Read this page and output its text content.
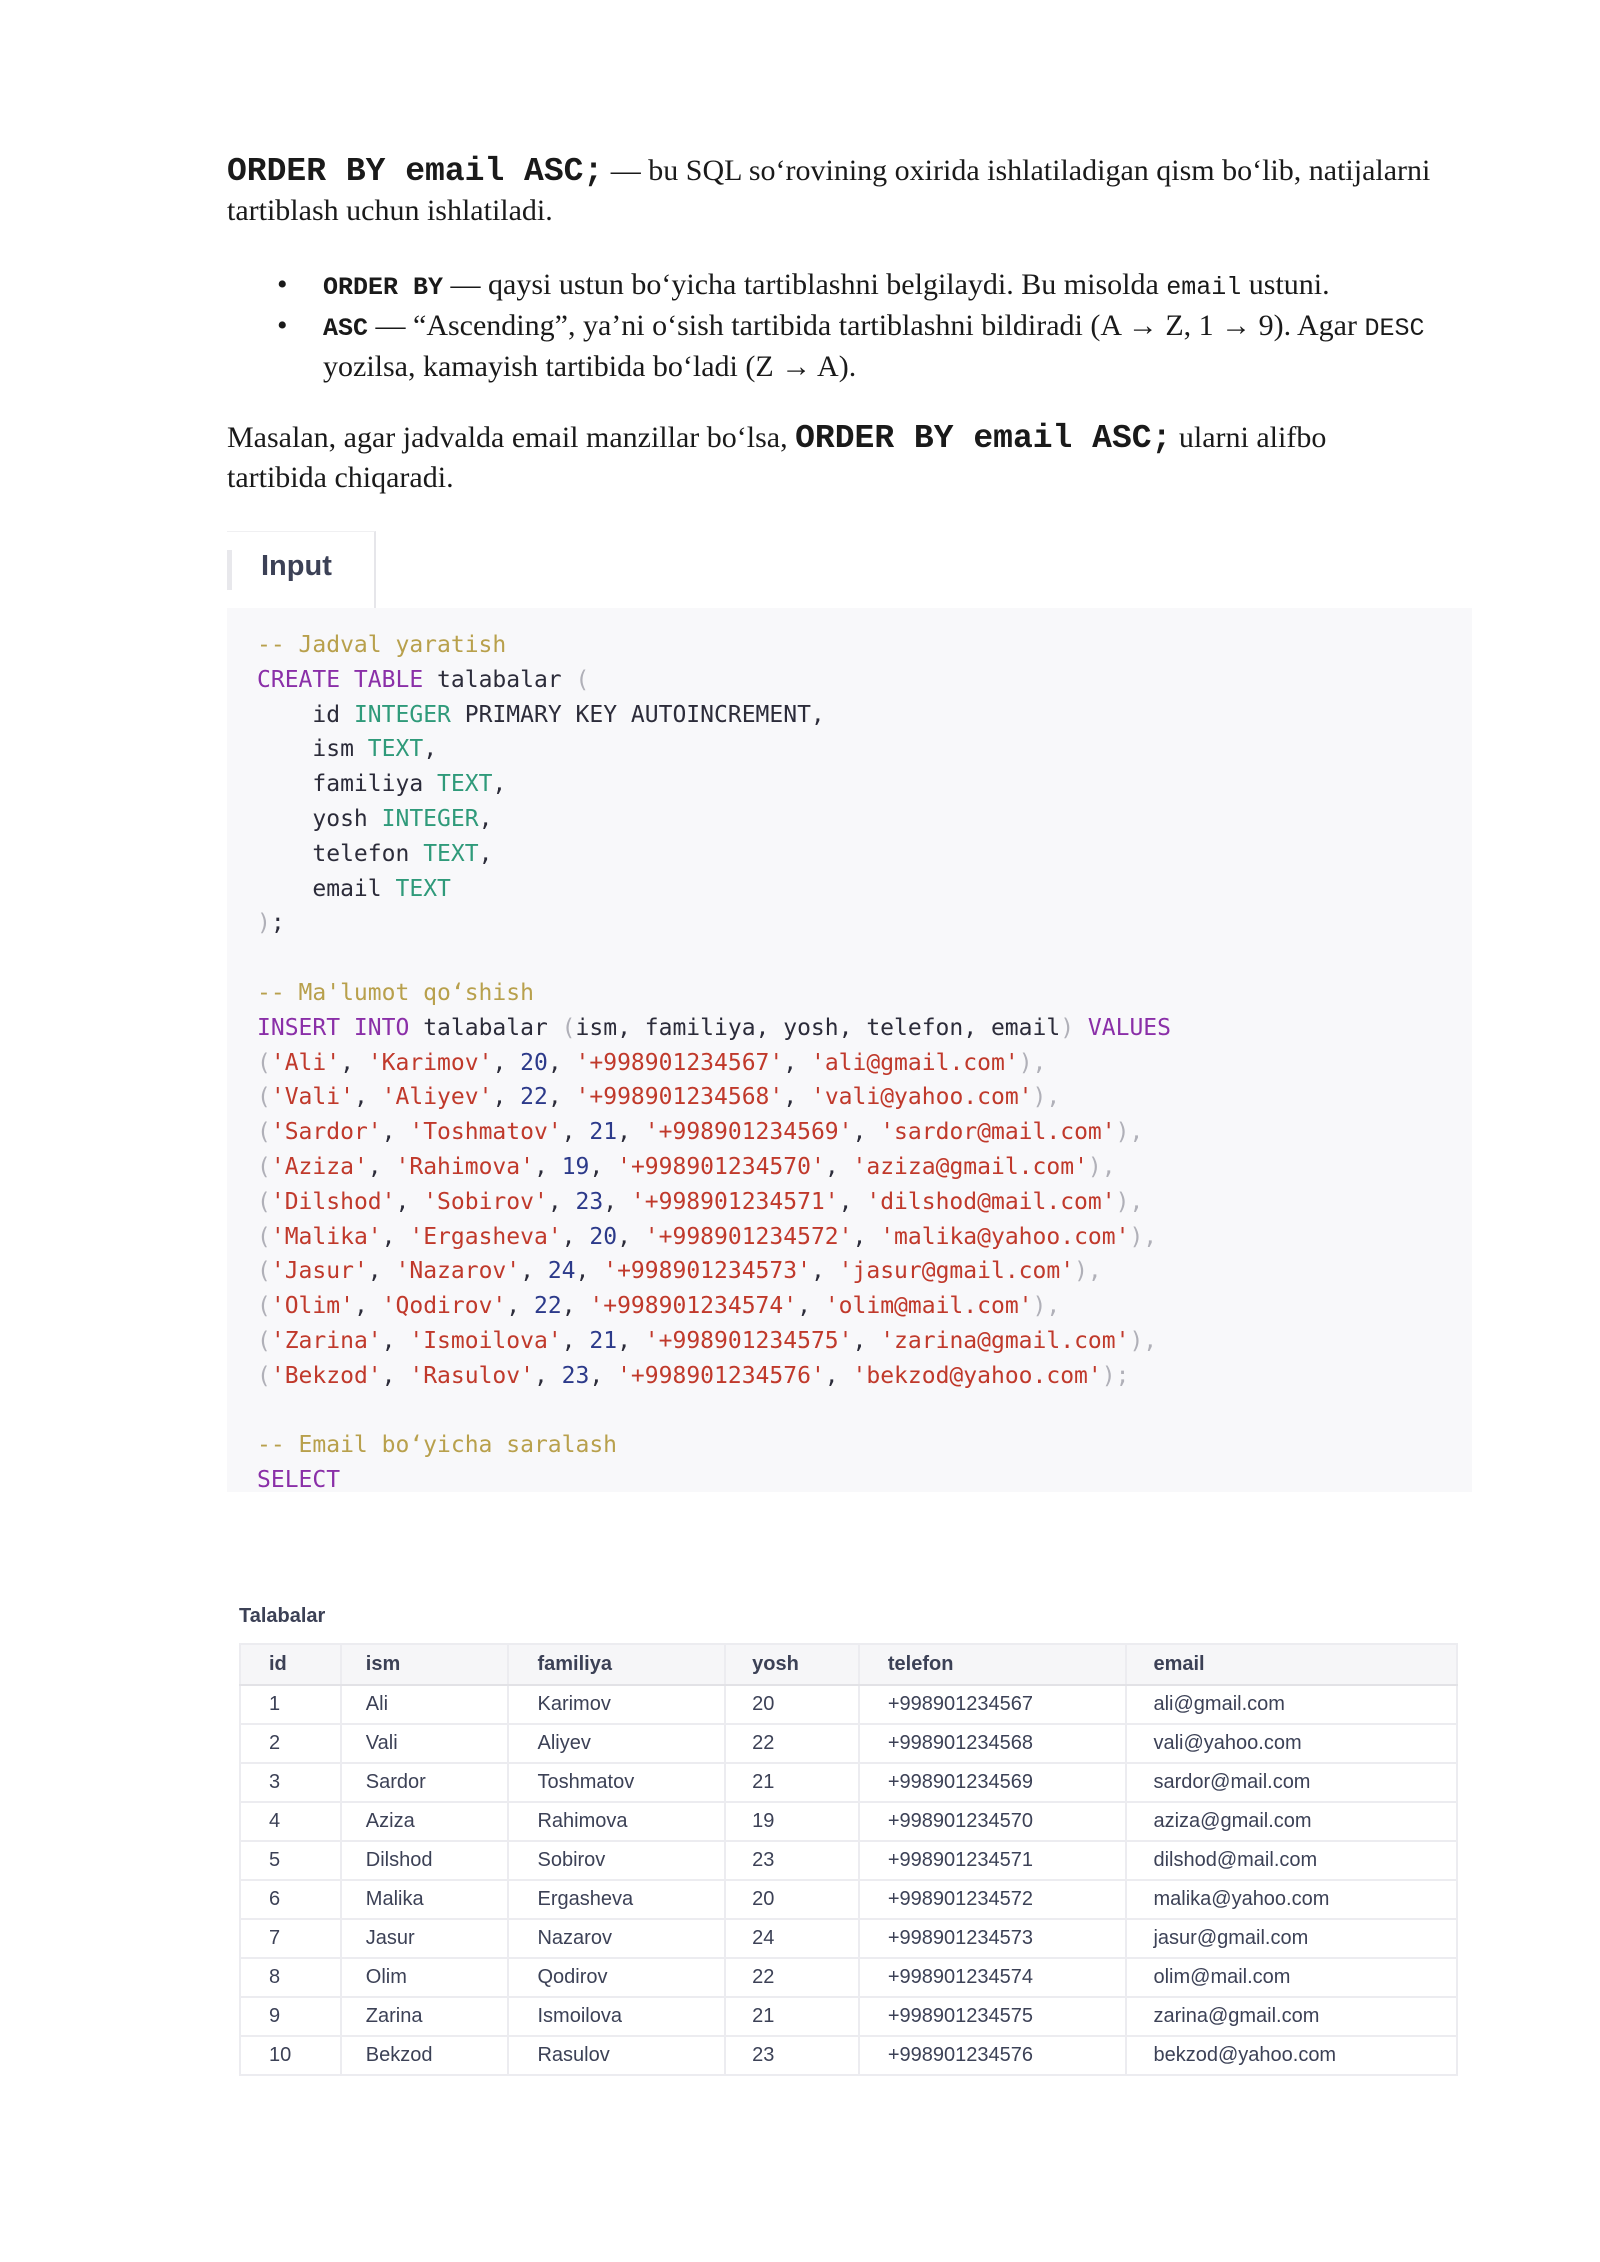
ORDER BY email ASC; — bu SQL so‘rovining oxirida ishlatiladigan qism bo‘lib, natijalarni tartiblash uchun ishlatiladi.

• ORDER BY — qaysi ustun bo‘yicha tartiblashni belgilaydi. Bu misolda email ustuni.
• ASC — “Ascending”, ya’ni o‘sish tartibida tartiblashni bildiradi (A → Z, 1 → 9). Agar DESC yozilsa, kamayish tartibida bo‘ladi (Z → A).

Masalan, agar jadvalda email manzillar bo‘lsa, ORDER BY email ASC; ularni alifbo tartibida chiqaradi.

Input
-- Jadval yaratish
CREATE TABLE talabalar (
id INTEGER PRIMARY KEY AUTOINCREMENT,
ism TEXT,
familiya TEXT,
yosh INTEGER,
telefon TEXT,
email TEXT
);

-- Ma'lumot qo‘shish
INSERT INTO talabalar (ism, familiya, yosh, telefon, email) VALUES
('Ali', 'Karimov', 20, '+998901234567', 'ali@gmail.com'),
('Vali', 'Aliyev', 22, '+998901234568', 'vali@yahoo.com'),
('Sardor', 'Toshmatov', 21, '+998901234569', 'sardor@mail.com'),
('Aziza', 'Rahimova', 19, '+998901234570', 'aziza@gmail.com'),
('Dilshod', 'Sobirov', 23, '+998901234571', 'dilshod@mail.com'),
('Malika', 'Ergasheva', 20, '+998901234572', 'malika@yahoo.com'),
('Jasur', 'Nazarov', 24, '+998901234573', 'jasur@gmail.com'),
('Olim', 'Qodirov', 22, '+998901234574', 'olim@mail.com'),
('Zarina', 'Ismoilova', 21, '+998901234575', 'zarina@gmail.com'),
('Bekzod', 'Rasulov', 23, '+998901234576', 'bekzod@yahoo.com');

-- Email bo‘yicha saralash
SELECT
Talabalar
id	ism	familiya	yosh	telefon	email
1	Ali	Karimov	20	+998901234567	ali@gmail.com
2	Vali	Aliyev	22	+998901234568	vali@yahoo.com
3	Sardor	Toshmatov	21	+998901234569	sardor@mail.com
4	Aziza	Rahimova	19	+998901234570	aziza@gmail.com
5	Dilshod	Sobirov	23	+998901234571	dilshod@mail.com
6	Malika	Ergasheva	20	+998901234572	malika@yahoo.com
7	Jasur	Nazarov	24	+998901234573	jasur@gmail.com
8	Olim	Qodirov	22	+998901234574	olim@mail.com
9	Zarina	Ismoilova	21	+998901234575	zarina@gmail.com
10	Bekzod	Rasulov	23	+998901234576	bekzod@yahoo.com
